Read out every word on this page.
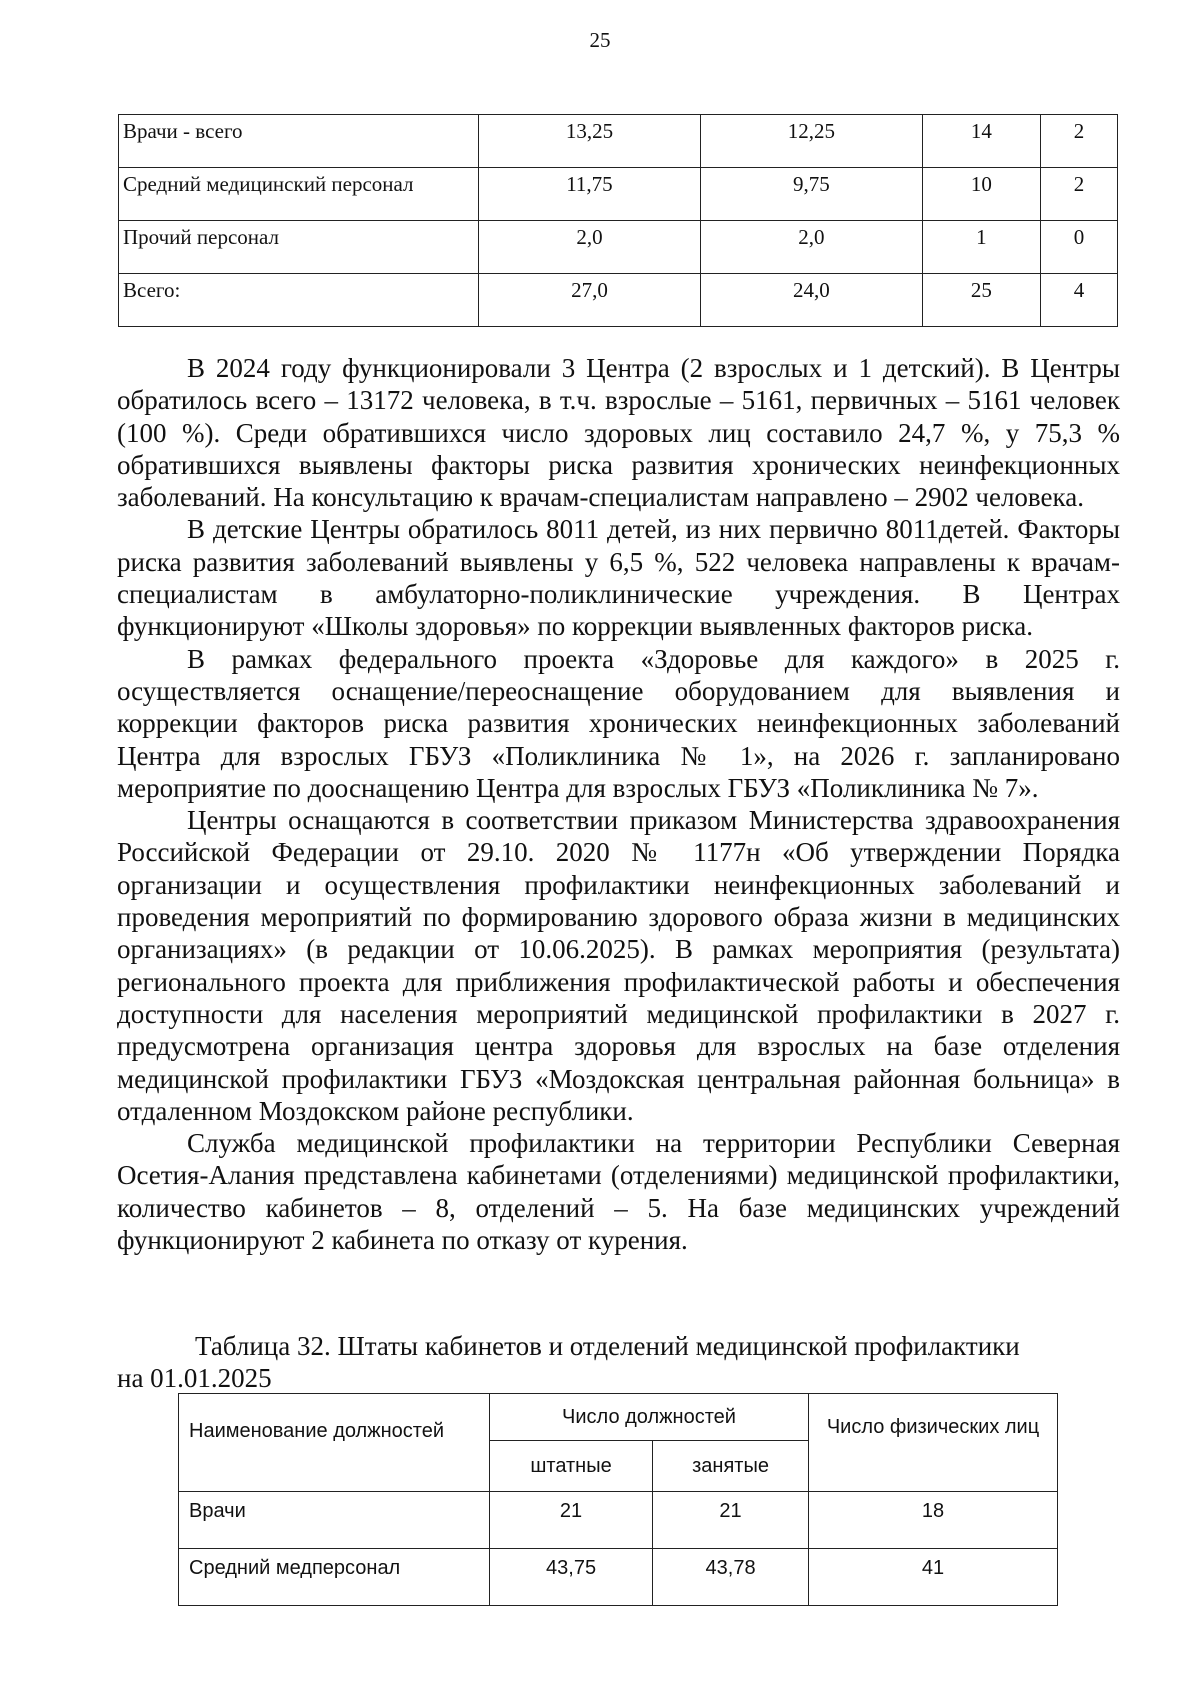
25
Врачи - всего	13,25	12,25	14	2
Средний медицинский персонал	11,75	9,75	10	2
Прочий персонал	2,0	2,0	1	0
Всего:	27,0	24,0	25	4

В 2024 году функционировали 3 Центра (2 взрослых и 1 детский). В Центры обратилось всего – 13172 человека, в т.ч. взрослые – 5161, первичных – 5161 человек (100 %). Среди обратившихся число здоровых лиц составило 24,7 %, у 75,3 % обратившихся выявлены факторы риска развития хронических неинфекционных заболеваний. На консультацию к врачам-специалистам направлено – 2902 человека.

В детские Центры обратилось 8011 детей, из них первично 8011детей. Факторы риска развития заболеваний выявлены у 6,5 %, 522 человека направлены к врачам-специалистам в амбулаторно-поликлинические учреждения. В Центрах функционируют «Школы здоровья» по коррекции выявленных факторов риска.

В рамках федерального проекта «Здоровье для каждого» в 2025 г. осуществляется оснащение/переоснащение оборудованием для выявления и коррекции факторов риска развития хронических неинфекционных заболеваний Центра для взрослых ГБУЗ «Поликлиника № 1», на 2026 г. запланировано мероприятие по дооснащению Центра для взрослых ГБУЗ «Поликлиника № 7».

Центры оснащаются в соответствии приказом Министерства здравоохранения Российской Федерации от 29.10. 2020 № 1177н «Об утверждении Порядка организации и осуществления профилактики неинфекционных заболеваний и проведения мероприятий по формированию здорового образа жизни в медицинских организациях» (в редакции от 10.06.2025). В рамках мероприятия (результата) регионального проекта для приближения профилактической работы и обеспечения доступности для населения мероприятий медицинской профилактики в 2027 г. предусмотрена организация центра здоровья для взрослых на базе отделения медицинской профилактики ГБУЗ «Моздокская центральная районная больница» в отдаленном Моздокском районе республики.

Служба медицинской профилактики на территории Республики Северная Осетия-Алания представлена кабинетами (отделениями) медицинской профилактики, количество кабинетов – 8, отделений – 5. На базе медицинских учреждений функционируют 2 кабинета по отказу от курения.

Таблица 32. Штаты кабинетов и отделений медицинской профилактики
на 01.01.2025
Наименование должностей	Число должностей		Число физических лиц
	штатные	занятые	
Врачи	21	21	18
Средний медперсонал	43,75	43,78	41
